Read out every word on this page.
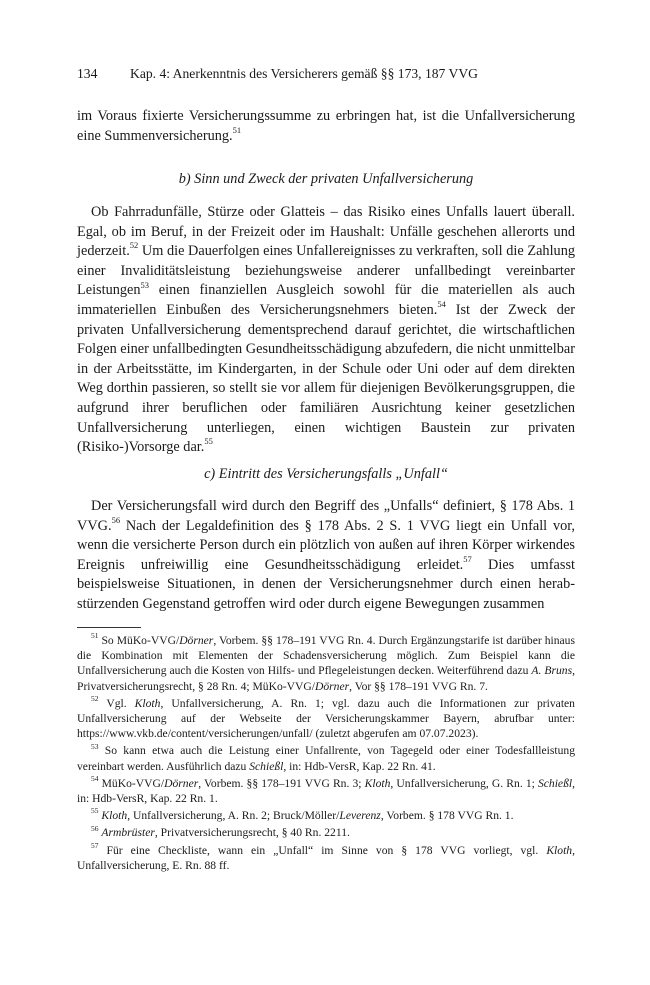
134 Kap. 4: Anerkenntnis des Versicherers gemäß §§ 173, 187 VVG

im Voraus fixierte Versicherungssumme zu erbringen hat, ist die Unfallversicherung eine Summenversicherung.$^{51}$

b) Sinn und Zweck der privaten Unfallversicherung

Ob Fahrradunfälle, Stürze oder Glatteis – das Risiko eines Unfalls lauert überall. Egal, ob im Beruf, in der Freizeit oder im Haushalt: Unfälle geschehen allerorts und jederzeit.$^{52}$ Um die Dauerfolgen eines Unfallereignisses zu verkraften, soll die Zahlung einer Invaliditätsleistung beziehungsweise anderer unfallbedingt vereinbarter Leistungen$^{53}$ einen finanziellen Ausgleich sowohl für die materiellen als auch immateriellen Einbußen des Versicherungsnehmers bieten.$^{54}$ Ist der Zweck der privaten Unfallversicherung dementsprechend darauf gerichtet, die wirtschaftlichen Folgen einer unfallbedingten Gesundheitsschädigung abzufedern, die nicht unmittelbar in der Arbeitsstätte, im Kindergarten, in der Schule oder Uni oder auf dem direkten Weg dorthin passieren, so stellt sie vor allem für diejenigen Bevölkerungsgruppen, die aufgrund ihrer beruflichen oder familiären Ausrichtung keiner gesetzlichen Unfallversicherung unterliegen, einen wichtigen Baustein zur privaten (Risiko-)Vorsorge dar.$^{55}$

c) Eintritt des Versicherungsfalls „Unfall“

Der Versicherungsfall wird durch den Begriff des „Unfalls“ definiert, § 178 Abs. 1 VVG.$^{56}$ Nach der Legaldefinition des § 178 Abs. 2 S. 1 VVG liegt ein Unfall vor, wenn die versicherte Person durch ein plötzlich von außen auf ihren Körper wirkendes Ereignis unfreiwillig eine Gesundheitsschädigung erleidet.$^{57}$ Dies umfasst beispielsweise Situationen, in denen der Versicherungsnehmer durch einen herabstürzenden Gegenstand getroffen wird oder durch eigene Bewegungen zusammen

$^{51}$ So MüKo-VVG/Dörner, Vorbem. §§ 178–191 VVG Rn. 4. Durch Ergänzungstarife ist darüber hinaus die Kombination mit Elementen der Schadensversicherung möglich. Zum Beispiel kann die Unfallversicherung auch die Kosten von Hilfs- und Pflegeleistungen decken. Weiterführend dazu A. Bruns, Privatversicherungsrecht, § 28 Rn. 4; MüKo-VVG/Dörner, Vor §§ 178–191 VVG Rn. 7.

$^{52}$ Vgl. Kloth, Unfallversicherung, A. Rn. 1; vgl. dazu auch die Informationen zur privaten Unfallversicherung auf der Webseite der Versicherungskammer Bayern, abrufbar unter: https://www.vkb.de/content/versicherungen/unfall/ (zuletzt abgerufen am 07.07.2023).

$^{53}$ So kann etwa auch die Leistung einer Unfallrente, von Tagegeld oder einer Todesfallleistung vereinbart werden. Ausführlich dazu Schießl, in: Hdb-VersR, Kap. 22 Rn. 41.

$^{54}$ MüKo-VVG/Dörner, Vorbem. §§ 178–191 VVG Rn. 3; Kloth, Unfallversicherung, G. Rn. 1; Schießl, in: Hdb-VersR, Kap. 22 Rn. 1.

$^{55}$ Kloth, Unfallversicherung, A. Rn. 2; Bruck/Möller/Leverenz, Vorbem. § 178 VVG Rn. 1.

$^{56}$ Armbrüster, Privatversicherungsrecht, § 40 Rn. 2211.

$^{57}$ Für eine Checkliste, wann ein „Unfall“ im Sinne von § 178 VVG vorliegt, vgl. Kloth, Unfallversicherung, E. Rn. 88 ff.
